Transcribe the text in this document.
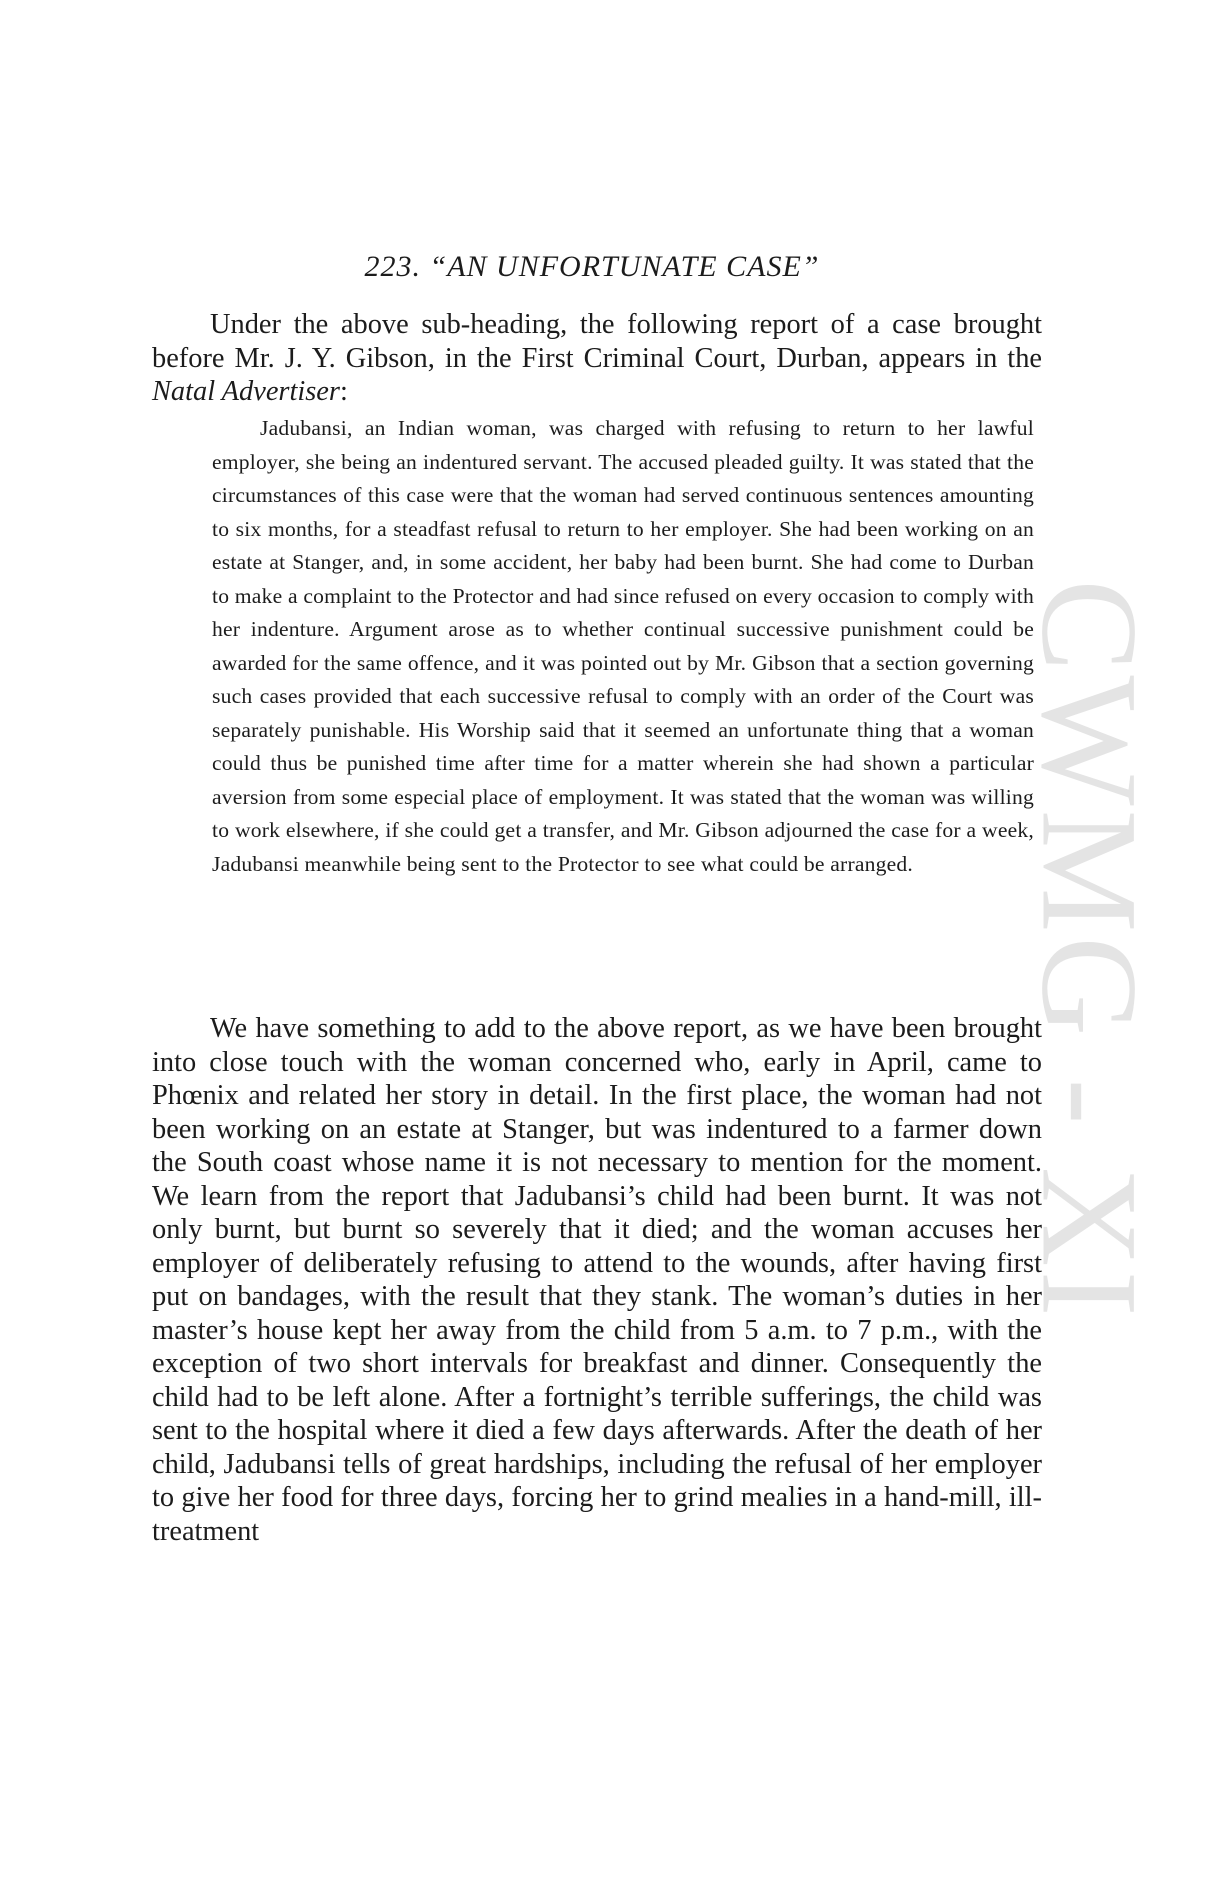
CWMG - XI
223. “AN UNFORTUNATE CASE”

Under the above sub-heading, the following report of a case brought before Mr. J. Y. Gibson, in the First Criminal Court, Durban, appears in the Natal Advertiser:

Jadubansi, an Indian woman, was charged with refusing to return to her lawful employer, she being an indentured servant. The accused pleaded guilty. It was stated that the circumstances of this case were that the woman had served continuous sentences amounting to six months, for a steadfast refusal to return to her employer. She had been working on an estate at Stanger, and, in some accident, her baby had been burnt. She had come to Durban to make a complaint to the Protector and had since refused on every occasion to comply with her indenture. Argument arose as to whether continual successive punishment could be awarded for the same offence, and it was pointed out by Mr. Gibson that a section governing such cases provided that each successive refusal to comply with an order of the Court was separately punishable. His Worship said that it seemed an unfortunate thing that a woman could thus be punished time after time for a matter wherein she had shown a particular aversion from some especial place of employment. It was stated that the woman was willing to work elsewhere, if she could get a transfer, and Mr. Gibson adjourned the case for a week, Jadubansi meanwhile being sent to the Protector to see what could be arranged.

We have something to add to the above report, as we have been brought into close touch with the woman concerned who, early in April, came to Phœnix and related her story in detail. In the first place, the woman had not been working on an estate at Stanger, but was indentured to a farmer down the South coast whose name it is not necessary to mention for the moment. We learn from the report that Jadubansi’s child had been burnt. It was not only burnt, but burnt so severely that it died; and the woman accuses her employer of deliberately refusing to attend to the wounds, after having first put on bandages, with the result that they stank. The woman’s duties in her master’s house kept her away from the child from 5 a.m. to 7 p.m., with the exception of two short intervals for breakfast and dinner. Consequently the child had to be left alone. After a fortnight’s terrible sufferings, the child was sent to the hospital where it died a few days afterwards. After the death of her child, Jadubansi tells of great hardships, including the refusal of her employer to give her food for three days, forcing her to grind mealies in a hand-mill, ill-treatment
